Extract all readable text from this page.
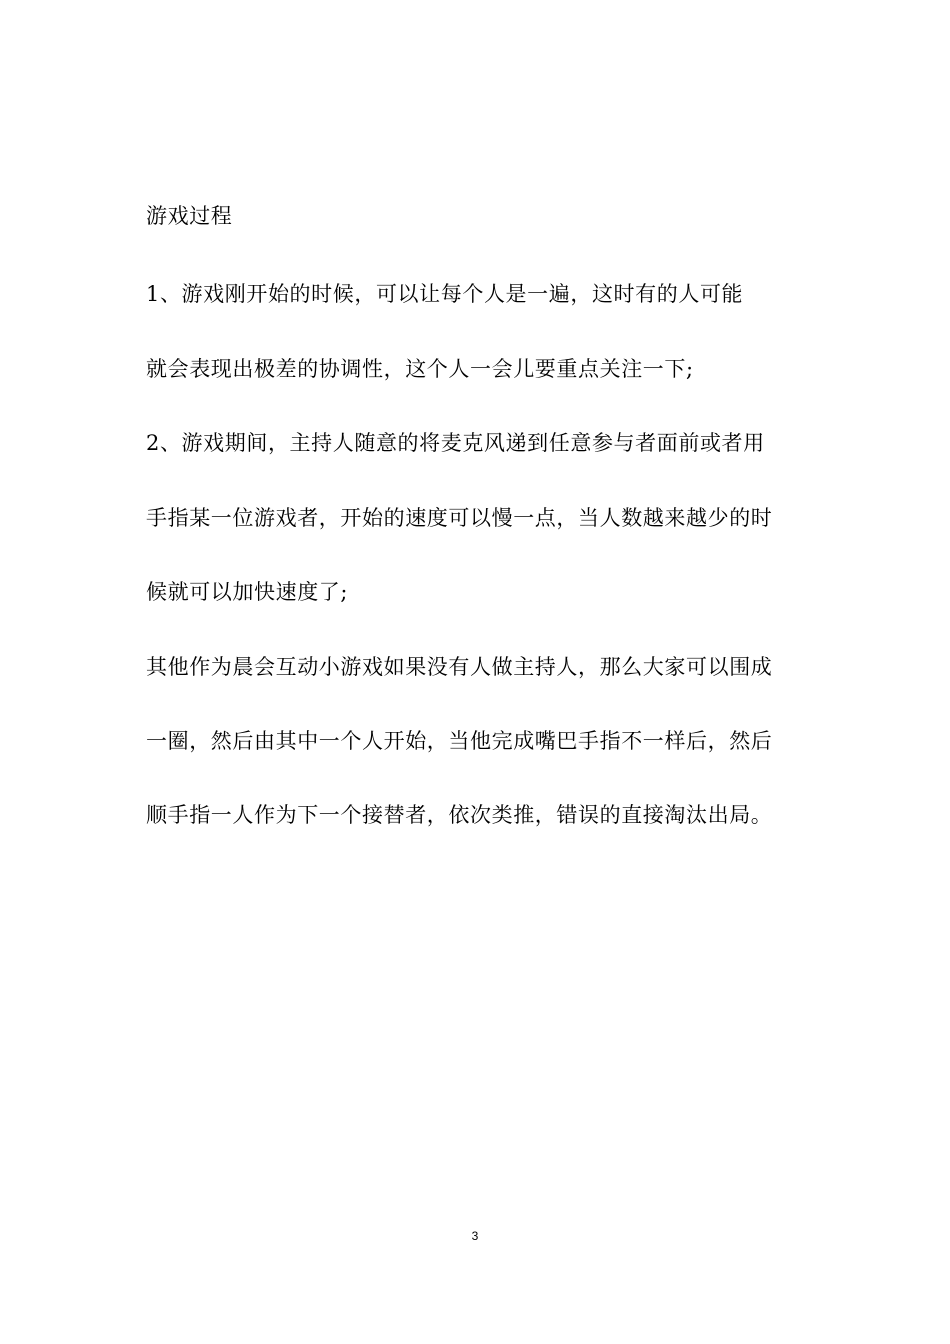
游戏过程
1、游戏刚开始的时候，可以让每个人是一遍，这时有的人可能
就会表现出极差的协调性，这个人一会儿要重点关注一下;
2、游戏期间，主持人随意的将麦克风递到任意参与者面前或者用
手指某一位游戏者，开始的速度可以慢一点，当人数越来越少的时
候就可以加快速度了;
其他作为晨会互动小游戏如果没有人做主持人，那么大家可以围成
一圈，然后由其中一个人开始，当他完成嘴巴手指不一样后，然后
顺手指一人作为下一个接替者，依次类推，错误的直接淘汰出局。
3
